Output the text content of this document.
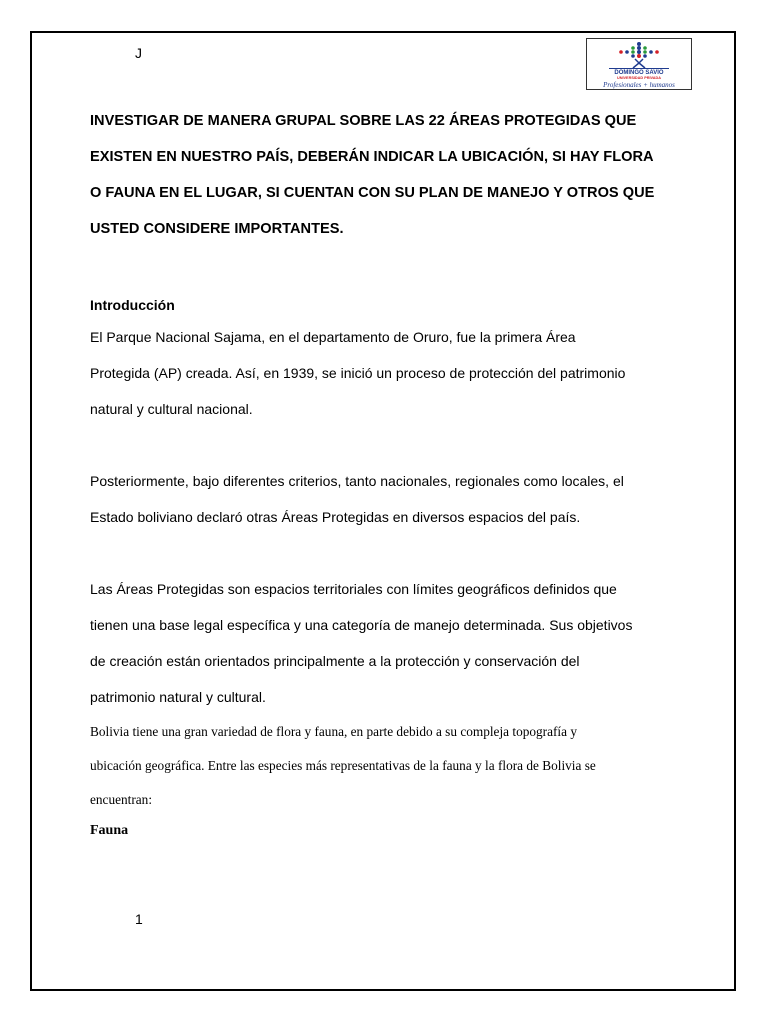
J
DOMINGO SAVIO
UNIVERSIDAD PRIVADA
Profesionales + humanos

INVESTIGAR DE MANERA GRUPAL SOBRE LAS 22 ÁREAS PROTEGIDAS QUE

EXISTEN EN NUESTRO PAÍS, DEBERÁN INDICAR LA UBICACIÓN, SI HAY FLORA

O FAUNA EN EL LUGAR, SI CUENTAN CON SU PLAN DE MANEJO Y OTROS QUE

USTED CONSIDERE IMPORTANTES.

Introducción

El Parque Nacional Sajama, en el departamento de Oruro, fue la primera Área

Protegida (AP) creada. Así, en 1939, se inició un proceso de protección del patrimonio

natural y cultural nacional.

Posteriormente, bajo diferentes criterios, tanto nacionales, regionales como locales, el

Estado boliviano declaró otras Áreas Protegidas en diversos espacios del país.

Las Áreas Protegidas son espacios territoriales con límites geográficos definidos que

tienen una base legal específica y una categoría de manejo determinada. Sus objetivos

de creación están orientados principalmente a la protección y conservación del

patrimonio natural y cultural.

Bolivia tiene una gran variedad de flora y fauna, en parte debido a su compleja topografía y

ubicación geográfica. Entre las especies más representativas de la fauna y la flora de Bolivia se

encuentran:

Fauna

1
